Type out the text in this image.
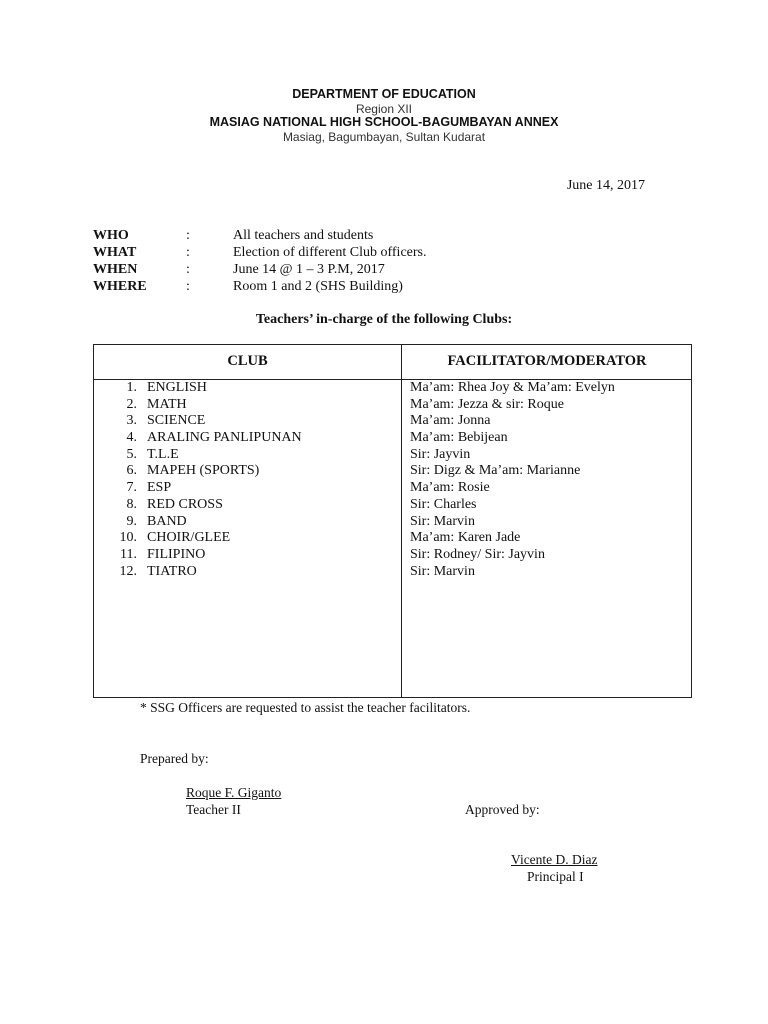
DEPARTMENT OF EDUCATION
Region XII
MASIAG NATIONAL HIGH SCHOOL-BAGUMBAYAN ANNEX
Masiag, Bagumbayan, Sultan Kudarat
June 14, 2017
WHO	:	All teachers and students
WHAT	:	Election of different Club officers.
WHEN	:	June 14 @ 1 – 3 P.M, 2017
WHERE	:	Room 1 and 2 (SHS Building)
Teachers’ in-charge of the following Clubs:
CLUB	FACILITATOR/MODERATOR
1. ENGLISH	Ma’am: Rhea Joy & Ma’am: Evelyn
2. MATH	Ma’am: Jezza & sir: Roque
3. SCIENCE	Ma’am: Jonna
4. ARALING PANLIPUNAN	Ma’am: Bebijean
5. T.L.E	Sir: Jayvin
6. MAPEH (SPORTS)	Sir: Digz & Ma’am: Marianne
7. ESP	Ma’am: Rosie
8. RED CROSS	Sir: Charles
9. BAND	Sir: Marvin
10. CHOIR/GLEE	Ma’am: Karen Jade
11. FILIPINO	Sir: Rodney/ Sir: Jayvin
12. TIATRO	Sir: Marvin
* SSG Officers are requested to assist the teacher facilitators.
Prepared by:
Roque F. Giganto
Teacher II	Approved by:
Vicente D. Diaz
Principal I
